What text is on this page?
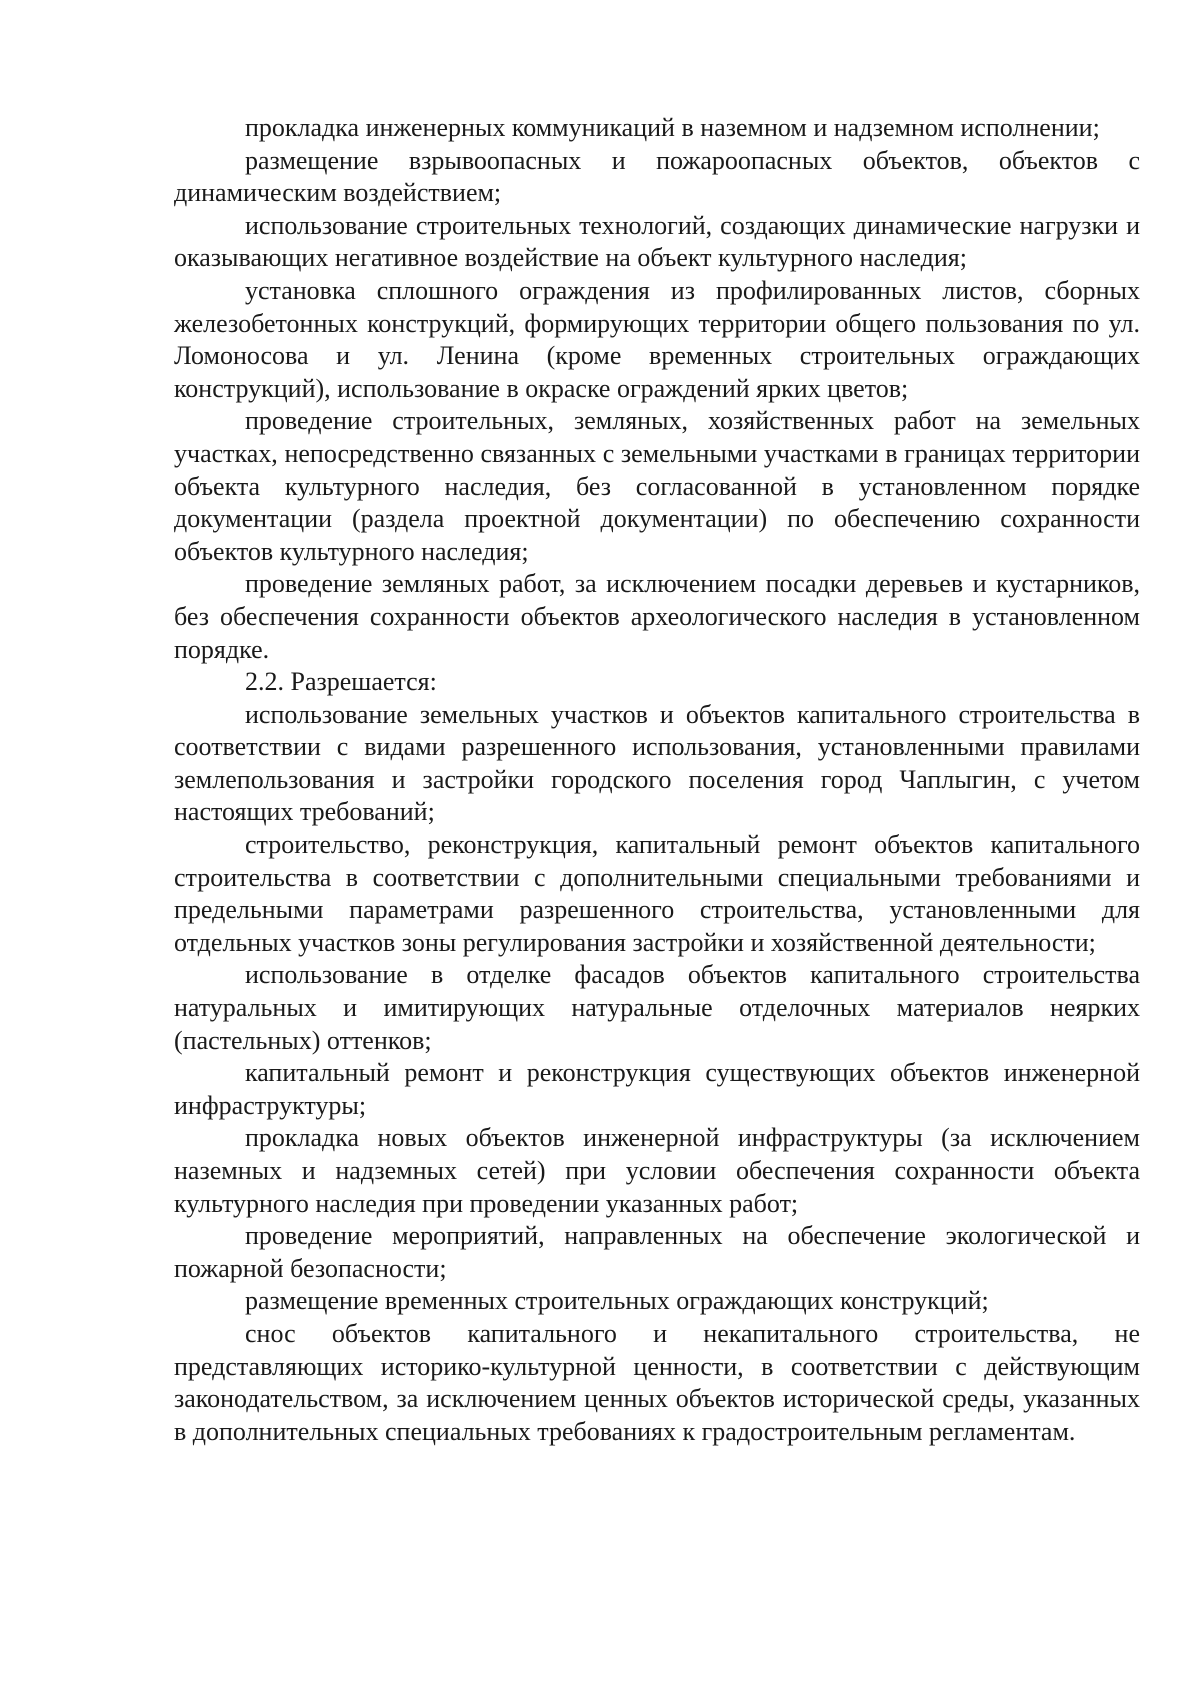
прокладка инженерных коммуникаций в наземном и надземном исполнении;

размещение взрывоопасных и пожароопасных объектов, объектов с динамическим воздействием;

использование строительных технологий, создающих динамические нагрузки и оказывающих негативное воздействие на объект культурного наследия;

установка сплошного ограждения из профилированных листов, сборных железобетонных конструкций, формирующих территории общего пользования по ул. Ломоносова и ул. Ленина (кроме временных строительных ограждающих конструкций), использование в окраске ограждений ярких цветов;

проведение строительных, земляных, хозяйственных работ на земельных участках, непосредственно связанных с земельными участками в границах территории объекта культурного наследия, без согласованной в установленном порядке документации (раздела проектной документации) по обеспечению сохранности объектов культурного наследия;

проведение земляных работ, за исключением посадки деревьев и кустарников, без обеспечения сохранности объектов археологического наследия в установленном порядке.

2.2. Разрешается:

использование земельных участков и объектов капитального строительства в соответствии с видами разрешенного использования, установленными правилами землепользования и застройки городского поселения город Чаплыгин, с учетом настоящих требований;

строительство, реконструкция, капитальный ремонт объектов капитального строительства в соответствии с дополнительными специальными требованиями и предельными параметрами разрешенного строительства, установленными для отдельных участков зоны регулирования застройки и хозяйственной деятельности;

использование в отделке фасадов объектов капитального строительства натуральных и имитирующих натуральные отделочных материалов неярких (пастельных) оттенков;

капитальный ремонт и реконструкция существующих объектов инженерной инфраструктуры;

прокладка новых объектов инженерной инфраструктуры (за исключением наземных и надземных сетей) при условии обеспечения сохранности объекта культурного наследия при проведении указанных работ;

проведение мероприятий, направленных на обеспечение экологической и пожарной безопасности;

размещение временных строительных ограждающих конструкций;

снос объектов капитального и некапитального строительства, не представляющих историко-культурной ценности, в соответствии с действующим законодательством, за исключением ценных объектов исторической среды, указанных в дополнительных специальных требованиях к градостроительным регламентам.
